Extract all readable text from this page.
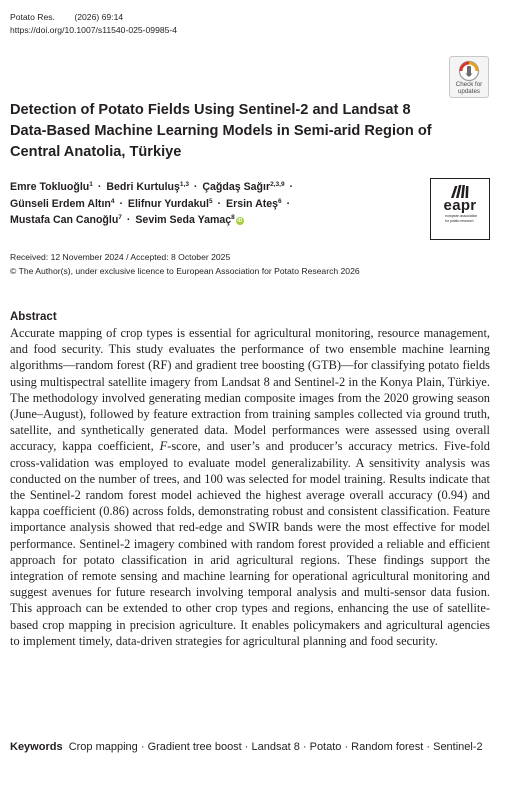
Potato Res. (2026) 69:14
https://doi.org/10.1007/s11540-025-09985-4
Check for
updates
Detection of Potato Fields Using Sentinel-2 and Landsat 8 Data-Based Machine Learning Models in Semi-arid Region of Central Anatolia, Türkiye
Emre Tokluoğlu$^1$ · Bedri Kurtuluş$^{1,3}$ · Çağdaş Sağır$^{2,3,9}$ ·
Günseli Erdem Altın$^4$ · Elifnur Yurdakul$^5$ · Ersin Ateş$^6$ ·
Mustafa Can Canoğlu$^7$ · Sevim Seda Yamaç$^8$ iD
eapr
european association
for potato research
Received: 12 November 2024 / Accepted: 8 October 2025
© The Author(s), under exclusive licence to European Association for Potato Research 2026
Abstract

Accurate mapping of crop types is essential for agricultural monitoring, resource management, and food security. This study evaluates the performance of two ensemble machine learning algorithms—random forest (RF) and gradient tree boosting (GTB)—for classifying potato fields using multispectral satellite imagery from Landsat 8 and Sentinel-2 in the Konya Plain, Türkiye. The methodology involved generating median composite images from the 2020 growing season (June–August), followed by feature extraction from training samples collected via ground truth, satellite, and synthetically generated data. Model performances were assessed using overall accuracy, kappa coefficient, F-score, and user’s and producer’s accuracy metrics. Five-fold cross-validation was employed to evaluate model generalizability. A sensitivity analysis was conducted on the number of trees, and 100 was selected for model training. Results indicate that the Sentinel-2 random forest model achieved the highest average overall accuracy (0.94) and kappa coefficient (0.86) across folds, demonstrating robust and consistent classification. Feature importance analysis showed that red-edge and SWIR bands were the most effective for model performance. Sentinel-2 imagery combined with random forest provided a reliable and efficient approach for potato classification in arid agricultural regions. These findings support the integration of remote sensing and machine learning for operational agricultural monitoring and suggest avenues for future research involving temporal analysis and multi-sensor data fusion. This approach can be extended to other crop types and regions, enhancing the use of satellite-based crop mapping in precision agriculture. It enables policymakers and agricultural agencies to implement timely, data-driven strategies for agricultural planning and food security.

Keywords Crop mapping · Gradient tree boost · Landsat 8 · Potato · Random forest · Sentinel-2
